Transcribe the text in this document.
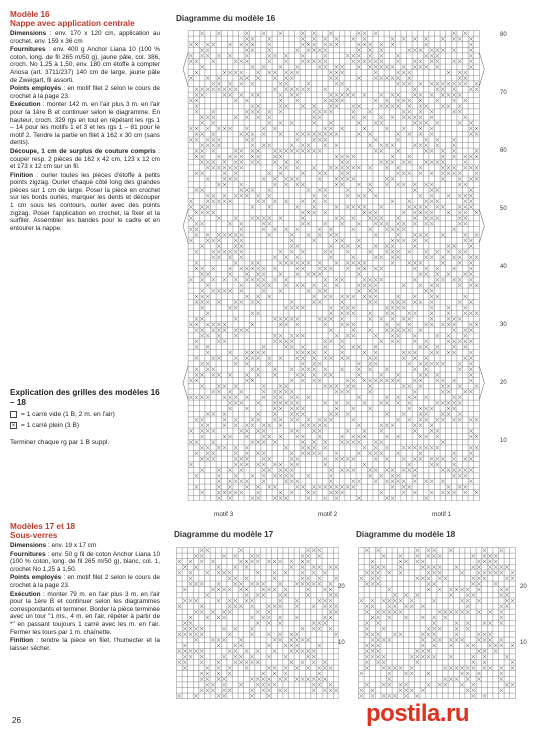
Modèle 16
Nappe avec application centrale

Dimensions : env. 170 x 120 cm, application au crochet, env. 159 x 36 cm

Fournitures : env. 400 g Anchor Liana 10 (100 % coton, long. de fil 265 m/50 g), jaune pâle, col. 386, croch. No 1,25 à 1,50, env. 180 cm étoffe à compter Ariosa (art. 3711/237) 140 cm de large, jaune pâle de Zweigart, fil assorti.

Points employés : en motif filet 2 selon le cours de crochet à la page 23.

Exécution : monter 142 m. en l'air plus 3 m. en l'air pour la 1ère B et continuer selon le diagramme. En hauteur, croch. 329 rgs en tout en répétant les rgs 1 – 14 pour les motifs 1 et 3 et les rgs 1 – 81 pour le motif 2. Tendre la partie en filet à 162 x 30 cm (sans dents).

Découpe, 1 cm de surplus de couture compris : couper resp. 2 pièces de 162 x 42 cm, 123 x 12 cm et 173 x 12 cm sur un fil.

Finition : ourler toutes les pièces d'étoffe à petits points zigzag. Ourler chaque côté long des grandes pièces sur 1 cm de large. Poser la pièce en crochet sur les bords ourlés, marquer les dents et découper 1 cm sous les contours, ourler avec des points zigzag. Poser l'application en crochet, la fixer et la surfiler. Assembler les bandes pour le cadre et en entourer la nappe.

Explication des grilles des modèles 16 – 18
= 1 carré vide (1 B, 2 m. en l'air)
× = 1 carré plein (3 B)
Terminer chaque rg par 1 B suppl.
Modèles 17 et 18
Sous-verres

Dimensions : env. 19 x 17 cm

Fournitures : env. 50 g fil de coton Anchor Liana 10 (100 % coton, long. de fil 265 m/50 g), blanc, col. 1, crochet No 1,25 à 1,50.

Points employés : en motif filet 2 selon le cours de crochet à la page 23.

Exécution : monter 79 m. en l'air plus 3 m. en l'air pour la 1ère B et continuer selon les diagrammes correspondants et terminer. Border la pièce terminée avec un tour "1 ms., 4 m. en l'air, répéter à partir de *" en passant toujours 1 carré avec les m. en l'air. Fermer les tours par 1 m. chaînette.

Finition : tendre la pièce en filet, l'humecter et la laisser sécher.

26
Diagramme du modèle 16
80
70
60
50
40
30
20
10
motif 3	motif 2	motif 1
Diagramme du modèle 17
20
10
Diagramme du modèle 18
20
10
postila.ru
